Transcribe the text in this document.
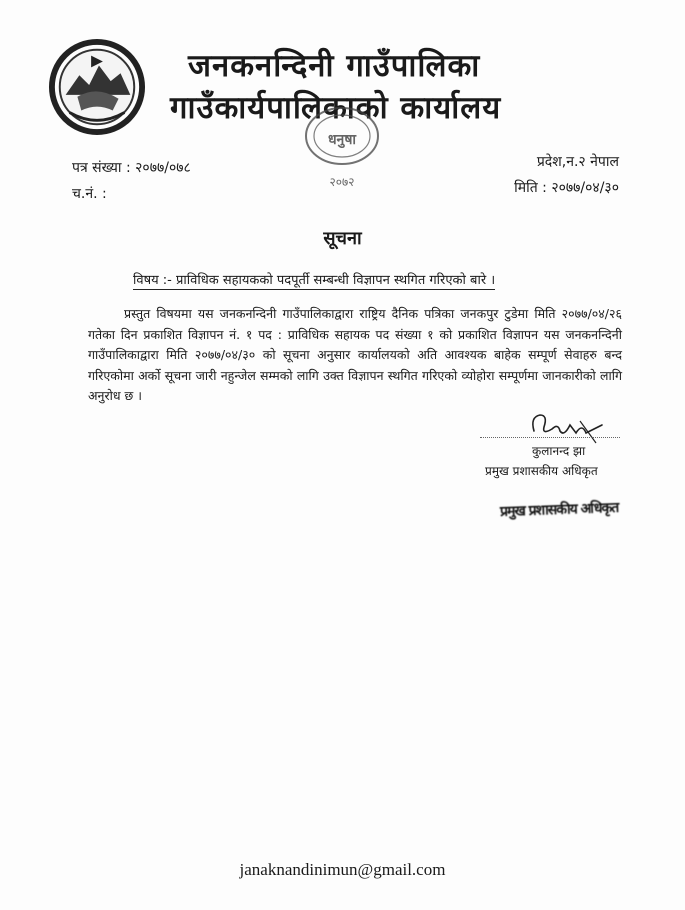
जनकनन्दिनी गाउँपालिका
गाउँकार्यपालिकाको कार्यालय
धनुषा
२०७२
पत्र संख्या : २०७७/०७८
च.नं. :
प्रदेश,न.२ नेपाल
मिति : २०७७/०४/३०
सूचना
विषय :- प्राविधिक सहायकको पदपूर्ती सम्बन्धी विज्ञापन स्थगित गरिएको बारे ।
प्रस्तुत विषयमा यस जनकनन्दिनी गाउँपालिकाद्वारा राष्ट्रिय दैनिक पत्रिका जनकपुर टुडेमा मिति २०७७/०४/२६ गतेका दिन प्रकाशित विज्ञापन नं. १ पद : प्राविधिक सहायक पद संख्या १ को प्रकाशित विज्ञापन यस जनकनन्दिनी गाउँपालिकाद्वारा मिति २०७७/०४/३० को सूचना अनुसार कार्यालयको अति आवश्यक बाहेक सम्पूर्ण सेवाहरु बन्द गरिएकोमा अर्को सूचना जारी नहुन्जेल सम्मको लागि उक्त विज्ञापन स्थगित गरिएको व्योहोरा सम्पूर्णमा जानकारीको लागि अनुरोध छ ।
कुलानन्द झा
प्रमुख प्रशासकीय अधिकृत
प्रमुख प्रशासकीय अधिकृत
janaknandinimun@gmail.com
